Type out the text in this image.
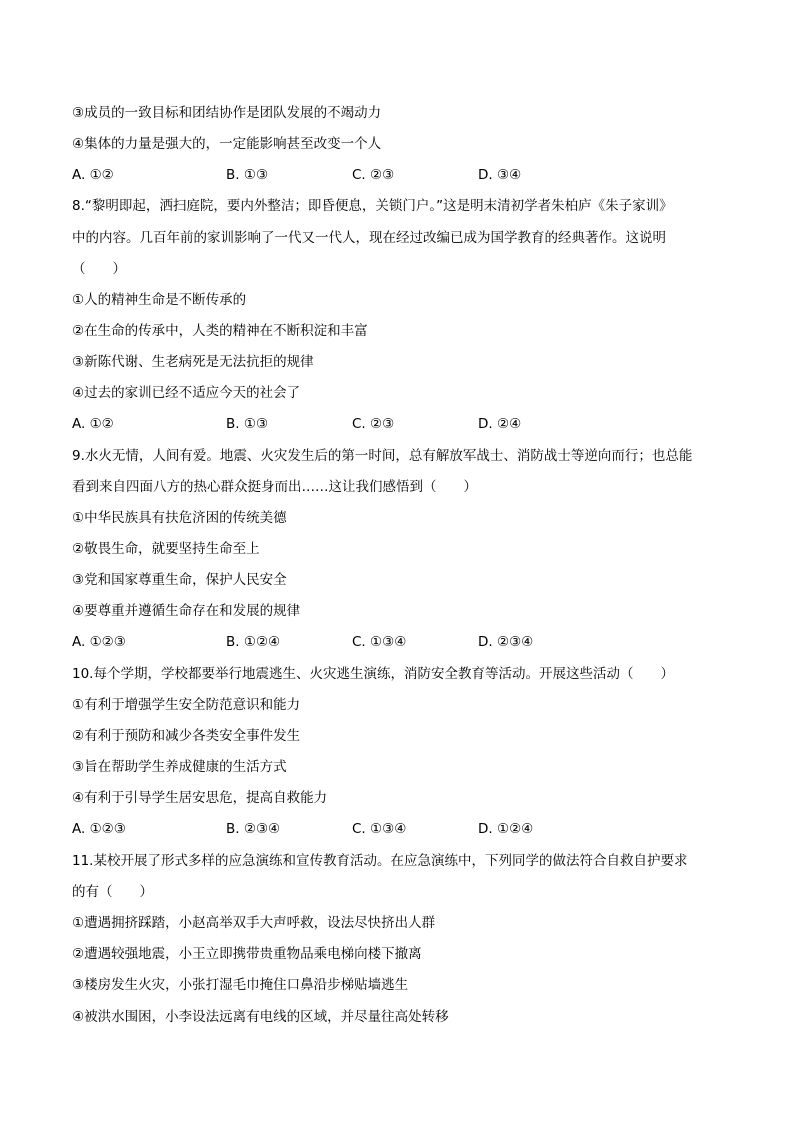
③成员的一致目标和团结协作是团队发展的不竭动力
④集体的力量是强大的，一定能影响甚至改变一个人
A. ①②	B. ①③	C. ②③	D. ③④
8.“黎明即起，洒扫庭院，要内外整洁；即昏便息，关锁门户。”这是明末清初学者朱柏庐《朱子家训》
中的内容。几百年前的家训影响了一代又一代人，现在经过改编已成为国学教育的经典著作。这说明
（　　）
①人的精神生命是不断传承的
②在生命的传承中，人类的精神在不断积淀和丰富
③新陈代谢、生老病死是无法抗拒的规律
④过去的家训已经不适应今天的社会了
A. ①②	B. ①③	C. ②③	D. ②④
9.水火无情，人间有爱。地震、火灾发生后的第一时间，总有解放军战士、消防战士等逆向而行；也总能
看到来自四面八方的热心群众挺身而出……这让我们感悟到（　　）
①中华民族具有扶危济困的传统美德
②敬畏生命，就要坚持生命至上
③党和国家尊重生命，保护人民安全
④要尊重并遵循生命存在和发展的规律
A. ①②③	B. ①②④	C. ①③④	D. ②③④
10.每个学期，学校都要举行地震逃生、火灾逃生演练，消防安全教育等活动。开展这些活动（　　）
①有利于增强学生安全防范意识和能力
②有利于预防和减少各类安全事件发生
③旨在帮助学生养成健康的生活方式
④有利于引导学生居安思危，提高自救能力
A. ①②③	B. ②③④	C. ①③④	D. ①②④
11.某校开展了形式多样的应急演练和宣传教育活动。在应急演练中，下列同学的做法符合自救自护要求
的有（　　）
①遭遇拥挤踩踏，小赵高举双手大声呼救，设法尽快挤出人群
②遭遇较强地震，小王立即携带贵重物品乘电梯向楼下撤离
③楼房发生火灾，小张打湿毛巾掩住口鼻沿步梯贴墙逃生
④被洪水围困，小李设法远离有电线的区域，并尽量往高处转移
